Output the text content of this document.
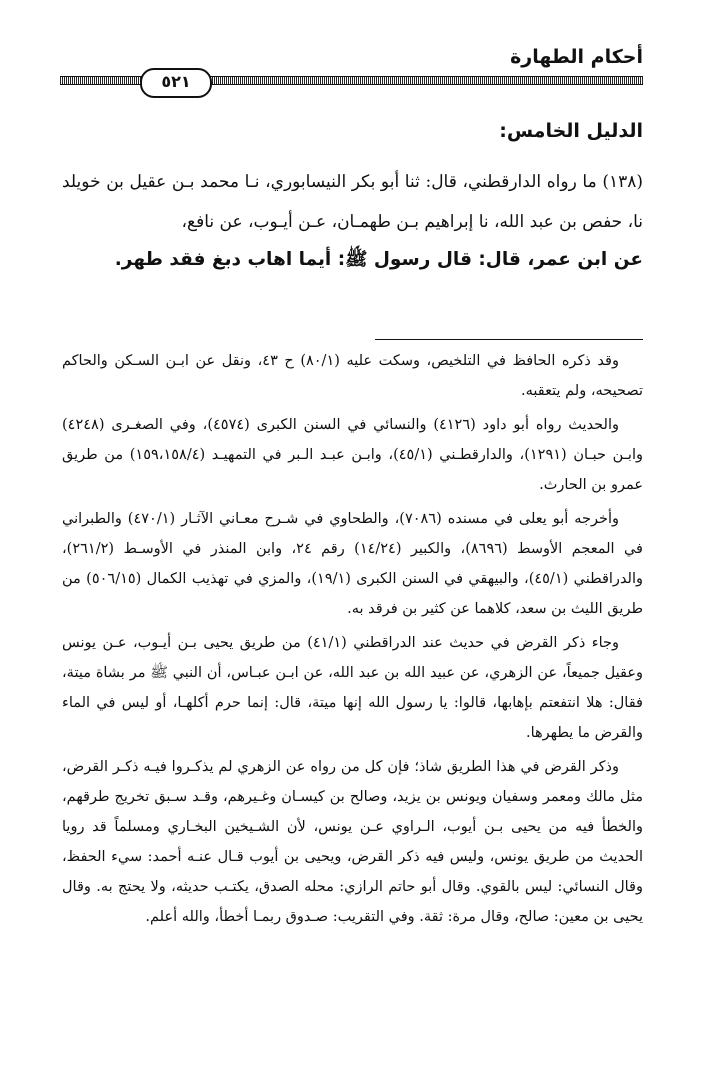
أحكام الطهارة
٥٢١
الدليل الخامس:

(١٣٨) ما رواه الدارقطني، قال: ثنا أبو بكر النيسابوري، نـا محمد بـن عقيل بن خويلد نا، حفص بن عبد الله، نا إبراهيم بـن طهمـان، عـن أيـوب، عن نافع،

عن ابن عمر، قال: قال رسول ﷺ: أيما اهاب دبغ فقد طهر.

وقد ذكره الحافظ في التلخيص، وسكت عليه (٨٠/١) ح ٤٣، ونقل عن ابـن السـكن والحاكم تصحيحه، ولم يتعقبه.

والحديث رواه أبو داود (٤١٢٦) والنسائي في السنن الكبرى (٤٥٧٤)، وفي الصغـرى (٤٢٤٨) وابـن حبـان (١٢٩١)، والدارقطـني (٤٥/١)، وابـن عبـد الـبر في التمهيـد (١٥٩،١٥٨/٤) من طريق عمرو بن الحارث.

وأخرجه أبو يعلى في مسنده (٧٠٨٦)، والطحاوي في شـرح معـاني الآثـار (٤٧٠/١) والطبراني في المعجم الأوسط (٨٦٩٦)، والكبير (١٤/٢٤) رقم ٢٤، وابن المنذر في الأوسـط (٢٦١/٢)، والدراقطني (٤٥/١)، والبيهقي في السنن الكبرى (١٩/١)، والمزي في تهذيب الكمال (٥٠٦/١٥) من طريق الليث بن سعد، كلاهما عن كثير بن فرقد به.

وجاء ذكر القرض في حديث عند الدراقطني (٤١/١) من طريق يحيى بـن أيـوب، عـن يونس وعقيل جميعاً، عن الزهري، عن عبيد الله بن عبد الله، عن ابـن عبـاس، أن النبي ﷺ مر بشاة ميتة، فقال: هلا انتفعتم بإهابها، قالوا: يا رسول الله إنها ميتة، قال: إنما حرم أكلهـا، أو ليس في الماء والقرض ما يطهرها.

وذكر القرض في هذا الطريق شاذ؛ فإن كل من رواه عن الزهري لم يذكـروا فيـه ذكـر القرض، مثل مالك ومعمر وسفيان ويونس بن يزيد، وصالح بن كيسـان وغـيرهم، وقـد سـبق تخريج طرقهم، والخطأ فيه من يحيى بـن أيوب، الـراوي عـن يونس، لأن الشـيخين البخـاري ومسلماً قد رويا الحديث من طريق يونس، وليس فيه ذكر القرض، ويحيى بن أيوب قـال عنـه أحمد: سيء الحفظ، وقال النسائي: ليس بالقوي. وقال أبو حاتم الرازي: محله الصدق، يكتـب حديثه، ولا يحتج به. وقال يحيى بن معين: صالح، وقال مرة: ثقة. وفي التقريب: صـدوق ربمـا أخطأ، والله أعلم.
